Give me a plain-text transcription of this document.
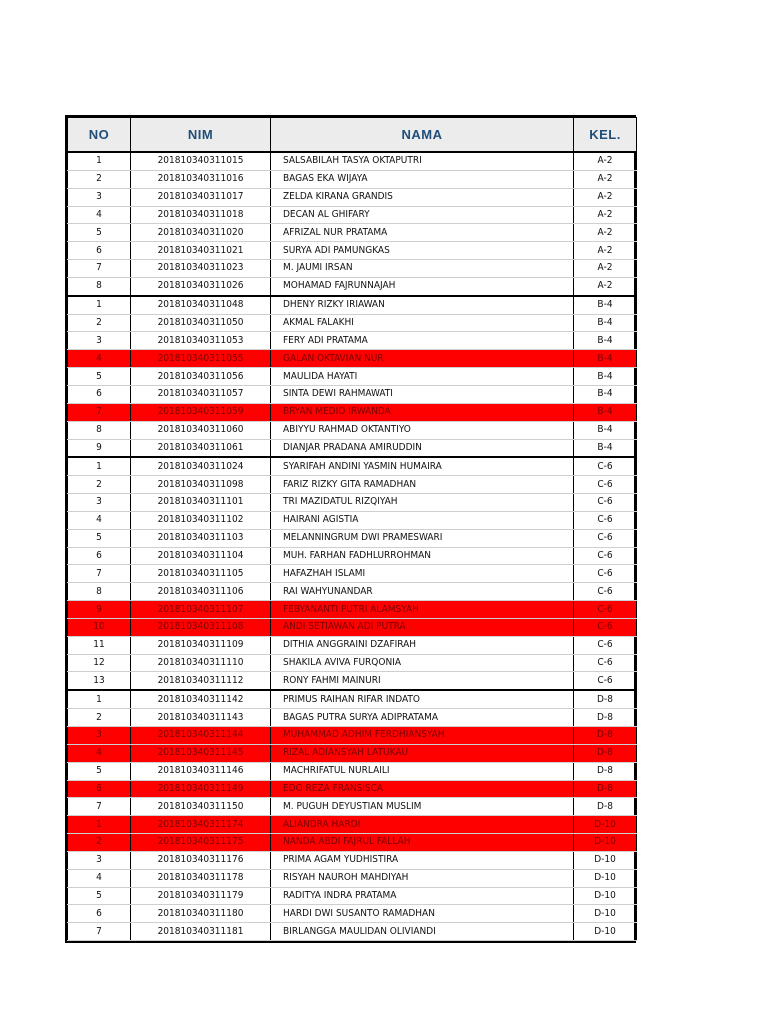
NO	NIM	NAMA	KEL.
1	201810340311015	SALSABILAH TASYA OKTAPUTRI	A-2
2	201810340311016	BAGAS EKA WIJAYA	A-2
3	201810340311017	ZELDA KIRANA GRANDIS	A-2
4	201810340311018	DECAN AL GHIFARY	A-2
5	201810340311020	AFRIZAL NUR PRATAMA	A-2
6	201810340311021	SURYA ADI PAMUNGKAS	A-2
7	201810340311023	M. JAUMI IRSAN	A-2
8	201810340311026	MOHAMAD FAJRUNNAJAH	A-2
1	201810340311048	DHENY RIZKY IRIAWAN	B-4
2	201810340311050	AKMAL FALAKHI	B-4
3	201810340311053	FERY ADI PRATAMA	B-4
4	201810340311055	GALAN OKTAVIAN NUR	B-4
5	201810340311056	MAULIDA HAYATI	B-4
6	201810340311057	SINTA DEWI RAHMAWATI	B-4
7	201810340311059	BRYAN MEDIO IRWANDA	B-4
8	201810340311060	ABIYYU RAHMAD OKTANTIYO	B-4
9	201810340311061	DIANJAR PRADANA AMIRUDDIN	B-4
1	201810340311024	SYARIFAH ANDINI YASMIN HUMAIRA	C-6
2	201810340311098	FARIZ RIZKY GITA RAMADHAN	C-6
3	201810340311101	TRI MAZIDATUL RIZQIYAH	C-6
4	201810340311102	HAIRANI AGISTIA	C-6
5	201810340311103	MELANNINGRUM DWI PRAMESWARI	C-6
6	201810340311104	MUH. FARHAN FADHLURROHMAN	C-6
7	201810340311105	HAFAZHAH ISLAMI	C-6
8	201810340311106	RAI WAHYUNANDAR	C-6
9	201810340311107	FEBYANANTI PUTRI ALAMSYAH	C-6
10	201810340311108	ANDI SETIAWAN ADI PUTRA	C-6
11	201810340311109	DITHIA ANGGRAINI DZAFIRAH	C-6
12	201810340311110	SHAKILA AVIVA FURQONIA	C-6
13	201810340311112	RONY FAHMI MAINURI	C-6
1	201810340311142	PRIMUS RAIHAN RIFAR INDATO	D-8
2	201810340311143	BAGAS PUTRA SURYA ADIPRATAMA	D-8
3	201810340311144	MUHAMMAD ADHIM FERDHIANSYAH	D-8
4	201810340311145	RIZAL ADIANSYAH LATUKAU	D-8
5	201810340311146	MACHRIFATUL NURLAILI	D-8
6	201810340311149	EDO REZA FRANSISCA	D-8
7	201810340311150	M. PUGUH DEYUSTIAN MUSLIM	D-8
1	201810340311174	ALIANDRA HARDI	D-10
2	201810340311175	NANDA ABDI FAJRUL FALLAH	D-10
3	201810340311176	PRIMA AGAM YUDHISTIRA	D-10
4	201810340311178	RISYAH NAUROH MAHDIYAH	D-10
5	201810340311179	RADITYA INDRA PRATAMA	D-10
6	201810340311180	HARDI DWI SUSANTO RAMADHAN	D-10
7	201810340311181	BIRLANGGA MAULIDAN OLIVIANDI	D-10
